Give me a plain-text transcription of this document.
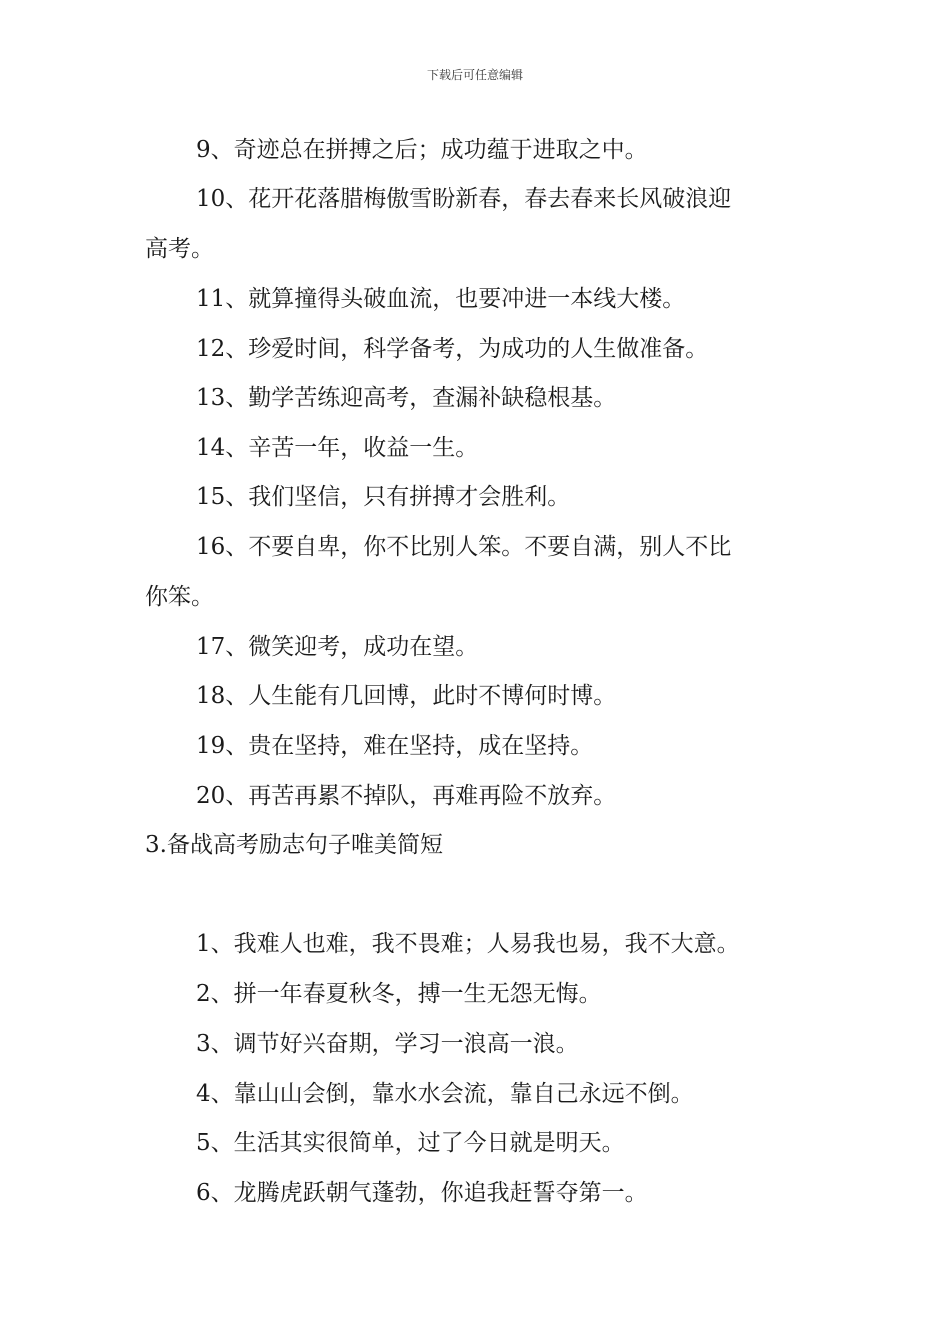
下载后可任意编辑
9、奇迹总在拼搏之后；成功蕴于进取之中。
10、花开花落腊梅傲雪盼新春，春去春来长风破浪迎
高考。
11、就算撞得头破血流，也要冲进一本线大楼。
12、珍爱时间，科学备考，为成功的人生做准备。
13、勤学苦练迎高考，查漏补缺稳根基。
14、辛苦一年，收益一生。
15、我们坚信，只有拼搏才会胜利。
16、不要自卑，你不比别人笨。不要自满，别人不比
你笨。
17、微笑迎考，成功在望。
18、人生能有几回博，此时不博何时博。
19、贵在坚持，难在坚持，成在坚持。
20、再苦再累不掉队，再难再险不放弃。
3.备战高考励志句子唯美简短
1、我难人也难，我不畏难；人易我也易，我不大意。
2、拼一年春夏秋冬，搏一生无怨无悔。
3、调节好兴奋期，学习一浪高一浪。
4、靠山山会倒，靠水水会流，靠自己永远不倒。
5、生活其实很简单，过了今日就是明天。
6、龙腾虎跃朝气蓬勃，你追我赶誓夺第一。
